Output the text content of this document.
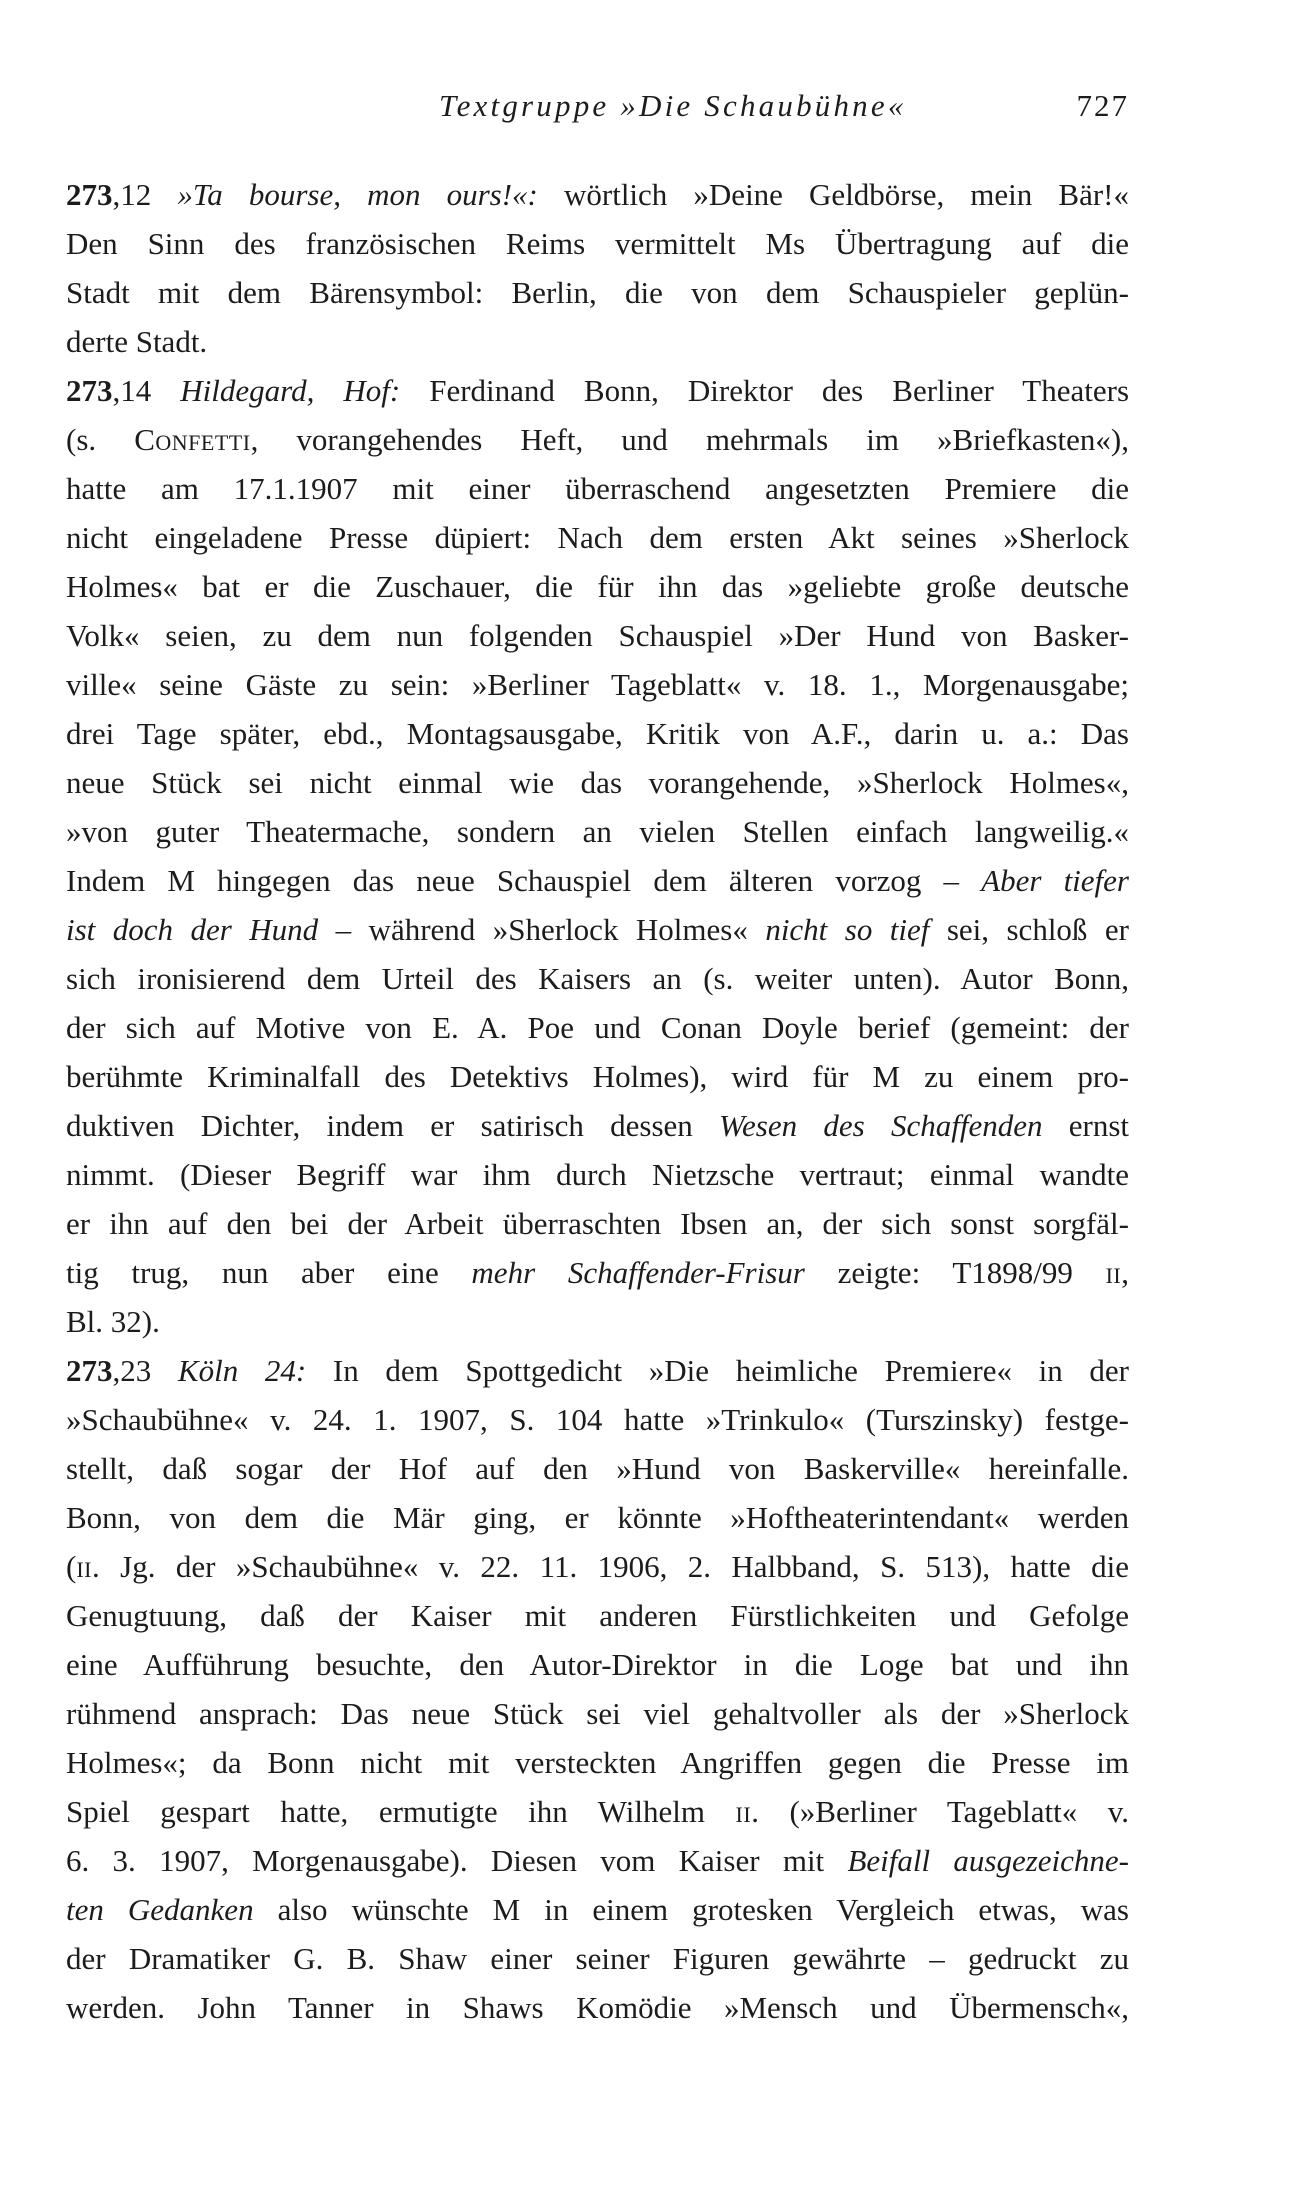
Textgruppe »Die Schaubühne«	727
273,12 »Ta bourse, mon ours!«: wörtlich »Deine Geldbörse, mein Bär!«
Den Sinn des französischen Reims vermittelt Ms Übertragung auf die
Stadt mit dem Bärensymbol: Berlin, die von dem Schauspieler geplün-
derte Stadt.
273,14 Hildegard, Hof: Ferdinand Bonn, Direktor des Berliner Theaters
(s. Confetti, vorangehendes Heft, und mehrmals im »Briefkasten«),
hatte am 17.1.1907 mit einer überraschend angesetzten Premiere die
nicht eingeladene Presse düpiert: Nach dem ersten Akt seines »Sherlock
Holmes« bat er die Zuschauer, die für ihn das »geliebte große deutsche
Volk« seien, zu dem nun folgenden Schauspiel »Der Hund von Basker-
ville« seine Gäste zu sein: »Berliner Tageblatt« v. 18. 1., Morgenausgabe;
drei Tage später, ebd., Montagsausgabe, Kritik von A.F., darin u. a.: Das
neue Stück sei nicht einmal wie das vorangehende, »Sherlock Holmes«,
»von guter Theatermache, sondern an vielen Stellen einfach langweilig.«
Indem M hingegen das neue Schauspiel dem älteren vorzog – Aber tiefer
ist doch der Hund – während »Sherlock Holmes« nicht so tief sei, schloß er
sich ironisierend dem Urteil des Kaisers an (s. weiter unten). Autor Bonn,
der sich auf Motive von E. A. Poe und Conan Doyle berief (gemeint: der
berühmte Kriminalfall des Detektivs Holmes), wird für M zu einem pro-
duktiven Dichter, indem er satirisch dessen Wesen des Schaffenden ernst
nimmt. (Dieser Begriff war ihm durch Nietzsche vertraut; einmal wandte
er ihn auf den bei der Arbeit überraschten Ibsen an, der sich sonst sorgfäl-
tig trug, nun aber eine mehr Schaffender-Frisur zeigte: T1898/99 ii,
Bl. 32).
273,23 Köln 24: In dem Spottgedicht »Die heimliche Premiere« in der
»Schaubühne« v. 24. 1. 1907, S. 104 hatte »Trinkulo« (Turszinsky) festge-
stellt, daß sogar der Hof auf den »Hund von Baskerville« hereinfalle.
Bonn, von dem die Mär ging, er könnte »Hoftheaterintendant« werden
(ii. Jg. der »Schaubühne« v. 22. 11. 1906, 2. Halbband, S. 513), hatte die
Genugtuung, daß der Kaiser mit anderen Fürstlichkeiten und Gefolge
eine Aufführung besuchte, den Autor-Direktor in die Loge bat und ihn
rühmend ansprach: Das neue Stück sei viel gehaltvoller als der »Sherlock
Holmes«; da Bonn nicht mit versteckten Angriffen gegen die Presse im
Spiel gespart hatte, ermutigte ihn Wilhelm ii. (»Berliner Tageblatt« v.
6. 3. 1907, Morgenausgabe). Diesen vom Kaiser mit Beifall ausgezeichne-
ten Gedanken also wünschte M in einem grotesken Vergleich etwas, was
der Dramatiker G. B. Shaw einer seiner Figuren gewährte – gedruckt zu
werden. John Tanner in Shaws Komödie »Mensch und Übermensch«,
